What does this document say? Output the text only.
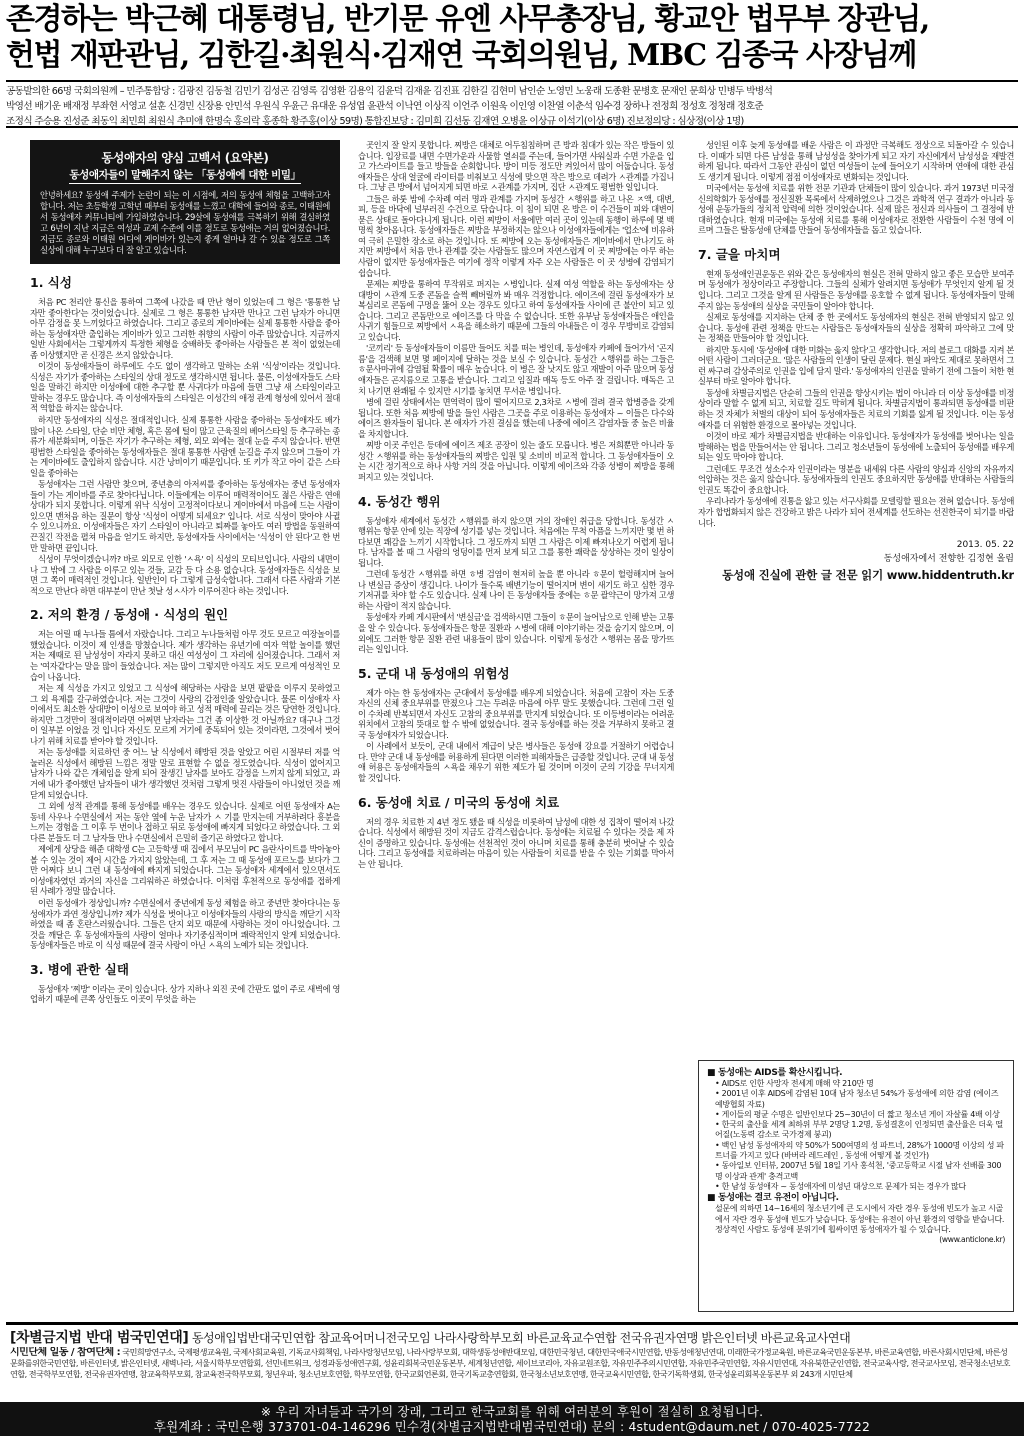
존경하는 박근혜 대통령님, 반기문 유엔 사무총장님, 황교안 법무부 장관님,
헌법 재판관님, 김한길·최원식·김재연 국회의원님, MBC 김종국 사장님께
공동발의한 66명 국회의원께 – 민주통합당 : 김광진 김동철 김민기 김성곤 김영록 김영환 김용익 김윤덕 김재윤 김진표 김한길 김현미 남인순 노영민 노웅래 도종환 문병호 문재인 문희상 민병두 박병석
박영선 배기운 배재정 부좌현 서영교 설훈 신경민 신장용 안민석 우원식 우윤근 유대운 유성엽 윤관석 이낙연 이상직 이언주 이원욱 이인영 이찬열 이춘석 임수경 장하나 전정희 정성호 정청래 정호준
조정식 주승용 진성준 최동익 최민희 최원식 추미애 한명숙 홍의락 홍종학 황주홍(이상 59명) 통합진보당 : 김미희 김선동 김재연 오병윤 이상규 이석기(이상 6명) 진보정의당 : 심상정(이상 1명)
동성애자의 양심 고백서 (요약본)
동성애자들이 말해주지 않는 「동성애에 대한 비밀」
안녕하세요? 동성애 주제가 논란이 되는 이 시점에, 저의 동성애 체험을 고백하고자 합니다. 저는 초등학생 고학년 때부터 동성애를 느꼈고 대학에 들어와 종로, 이태원에서 동성애자 커뮤니티에 가입하였습니다. 29살에 동성애를 극복하기 위해 결심하였고 6년이 지난 지금은 여성과 교제 수준에 이를 정도로 동성애는 거의 없어졌습니다. 지금도 종로와 이태원 어디에 게이바가 있는지 좋게 얼마냐 갈 수 있을 정도로 그쪽 실상에 대해 누구보다 더 잘 알고 있습니다.
1. 식성
처음 PC 천리안 통신을 통하여 그쪽에 나갔을 때 만난 형이 있었는데 그 형은 '통통한 남자만 좋아한다'는 것이었습니다. 실제로 그 형은 통통한 남자만 만나고 그런 남자가 아니면 아무 감정을 못 느끼었다고 하였습니다. 그리고 종로의 게이바에는 실제 통통한 사람을 좋아하는 동성애자만 출입하는 게이바가 있고 그러한 취향의 사람이 아주 많았습니다. 지금까지 일반 사회에서는 그렇게까지 특정한 체형을 숭배하듯 좋아하는 사람들은 본 적이 없었는데 좀 이상했지만 곧 신경은 쓰지 않았습니다.
이것이 동성애자들이 하루에도 수도 없이 생각하고 말하는 소위 '식성'이라는 것입니다. 식성은 자기가 좋아하는 스타일의 상대 정도로 생각하시면 됩니다. 물론, 이성애자들도 스타일을 말하긴 하지만 이성애에 대한 추구할 뿐 사귀다가 마음에 들면 그냥 새 스타일이라고 말하는 경우도 많습니다. 즉 이성애자들의 스타일은 이성간의 애정 관계 형성에 있어서 절대적 역할을 하지는 않습니다.
하지만 동성애자의 식성은 절대적입니다. 실제 통통한 사람을 좋아하는 동성애자도 배가 많이 나온 스타일, 단순 비만 체형, 혹은 몸에 털이 많고 근육질의 베어스타일 등 추구하는 종류가 세분화되며, 이들은 자기가 추구하는 체형, 외모 외에는 절대 눈을 주지 않습니다. 반면 평범한 스타일을 좋아하는 동성애자들은 절대 통통한 사람엔 눈길을 주지 않으며 그들이 가는 게이바에도 출입하지 않습니다. 시간 낭비이기 때문입니다. 또 키가 작고 아이 같은 스타일을 좋아하는
동성애자는 그런 사람만 찾으며, 중년층의 아저씨를 좋아하는 동성애자는 중년 동성애자들이 가는 게이바를 주로 찾아다닙니다. 이들에게는 이루어 매력적이어도 젊은 사람은 연애 상대가 되지 못합니다. 이렇게 위낙 식성이 고정적이다보니 게이바에서 마음에 드는 사람이 있으면 맨처음 하는 질문이 항상 '식성이 어떻게 되세요?' 입니다. 서로 식성이 맞아야 사귈 수 있으니까요. 이성애자들은 자기 스타일이 아니라고 퇴짜를 놓아도 여러 방법을 동원하여 끈질긴 작전을 펼쳐 마음을 얻기도 하지만, 동성애자들 사이에서는 '식성이 안 된다'고 한 번만 말하면 끝입니다.
식성이 무엇이겠습니까? 바로 외모로 인한 'ㅅ욕' 이 식성의 모티브입니다. 사람의 내면이나 그 밖에 그 사람을 이루고 있는 것들, 교감 등 다 소용 없습니다. 동성애자들은 식성을 보면 그 쪽이 매력적인 것입니다. 일반인이 다 그렇게 급성숙합니다. 그래서 다른 사람과 기본적으로 만난다 하면 대부분이 만난 첫날 성ㅅ사가 이루어진다 하는 것입니다.
2. 저의 환경 / 동성애 · 식성의 원인
저는 어릴 때 누나들 틈에서 자랐습니다. 그리고 누나들처럼 아무 것도 모르고 여장놀이를 했었습니다. 이것이 제 인생을 망쳤습니다. 제가 생각하는 유년기에 여자 역할 놀이를 했던 저는 제때로 된 남성성이 자라지 못하고 대신 여성성이 그 자리에 심어졌습니다. 그래서 저는 '여자같다'는 말을 많이 들었습니다. 저는 많이 그렇지만 아직도 저도 모르게 여성적인 모습이 나옵니다.
저는 제 식성을 가지고 있었고 그 식성에 해당하는 사람을 보면 팥팥을 이루지 못하였고 그 외 욕제를 갈구하였습니다. 저는 그것이 사랑의 감정인줄 알았습니다. 물론 이성애자 사이에서도 최소한 상대방이 이성으로 보여야 하고 성적 매력에 끌리는 것은 당연한 것입니다. 하지만 그것만이 절대적이라면 어쩌면 남자라는 그건 좀 이상한 것 아닐까요? 대구나 그것이 일부분 이었을 것 입니다 자신도 모르게 거기에 중독되어 있는 것이라면, 그것에서 벗어나기 위해 치료를 받아야 할 것입니다.
저는 동성애를 치료하던 중 어느 날 식성에서 해방된 것을 알았고 어린 시절부터 저를 억눌러온 식성에서 해방된 느낌은 정말 말로 표현할 수 없을 정도였습니다. 식성이 없어지고 남자가 나와 같은 개체임을 알게 되어 잘생긴 남자를 보아도 감정을 느끼지 않게 되었고, 과거에 내가 좋아했던 남자들이 내가 생각했던 것처럼 그렇게 멋진 사람들이 아니었던 것을 깨닫게 되었습니다.
그 외에 성적 관계를 통해 동성애를 배우는 경우도 있습니다. 실제로 어떤 동성애자 A는 동네 사우나 수면실에서 저는 동안 옆에 누운 남자가 ㅅ 기를 만지는데 거부하려다 흥분을 느끼는 경험을 그 이후 두 번이나 접하고 뒤로 동성애에 빠지게 되었다고 하였습니다. 그 외 다른 분들도 더 그 남자들 만나 수면실에서 은밀히 즐기곤 하였다고 합니다.
제에게 상당을 해준 대학생 C는 고등학생 때 집에서 부모님이 PC 음란사이트를 박아놓아 볼 수 있는 것이 제어 시간을 가지지 않았는데, 그 후 저는 그 때 동성애 포르노를 보다가 그만 어쩌다 보니 그런 내 동성애에 빠지게 되었습니다. 그는 동성애자 세계에서 있으면서도 이성애자였던 과거의 자신을 그리워하곤 하였습니다. 이처럼 후천적으로 동성애를 접하게 된 사례가 정말 많습니다.
이런 동성애가 정상입니까? 수면실에서 중년에게 동성 체험을 하고 중년만 찾아다니는 동성애자가 과연 정상입니까? 제가 식성을 벗어나고 이성애자들의 사랑의 방식을 깨닫기 시작하였을 때 좀 혼란스러웠습니다. 그들은 단지 외모 때문에 사랑하는 것이 아니었습니다. 그것을 깨달은 후 동성애자들의 사랑이 얼마나 자기중심적이며 쾌락적인지 알게 되었습니다. 동성애자들은 바로 이 식성 때문에 결국 사랑이 아닌 ㅅ욕의 노예가 되는 것입니다.
3. 병에 관한 실태
동성애자 '찌방' 이라는 곳이 있습니다. 상가 지하나 외진 곳에 간판도 없이 주로 새벽에 영업하기 때문에 큰쪽 상인들도 이곳이 무엇을 하는
곳인지 잘 알지 못합니다. 찌방은 대체로 어두침침하며 큰 방과 침대가 있는 작은 방들이 있습니다. 입장료를 내면 수면가운과 사물함 열쇠를 주는데, 들어가면 샤워실과 수면 가운을 입고 가스라이트를 들고 방들을 순회합니다. 방이 미등 정도만 켜있어서 많이 어둡습니다. 동성애자들은 상대 얼굴에 라이터를 비춰보고 식성에 맞으면 작은 방으로 데려가 ㅅ관계를 가집니다. 그냥 큰 방에서 넘어지게 되면 바로 ㅅ관계를 가지며, 집단 ㅅ관계도 평범한 일입니다.
그들은 하룻 밤에 수차례 여러 명과 관계를 가지며 동성간 ㅅ행위를 하고 나온 ㅈ액, 대변, 피, 등을 바닥에 널부러진 수건으로 닦습니다. 이 침이 되면 온 방은 이 수건들이 피와 대변이 묻은 상태로 돌아다니게 됩니다. 이런 찌방이 서울에만 여러 곳이 있는데 동행이 하루에 몇 백 명씩 찾아옵니다. 동성애자들은 찌방을 부정하지는 않으나 이성애자들에게는 '업소'에 비유하여 극히 은밀한 장소로 하는 것입니다. 또 찌방에 오는 동성애자들은 게이바에서 만나기도 하지만 찌방에서 처음 만나 관계를 갖는 사람들도 많으며 자연스럽게 이 곳 찌방에는 아무 하는 사람이 없지만 동성애자들은 여기에 정작 이렇게 자주 오는 사람들은 이 곳 성병에 감염되기 쉽습니다.
문제는 찌방을 통하여 무작위로 퍼지는 ㅅ병입니다. 실제 여성 역할을 하는 동성애자는 상대방이 ㅅ관계 도중 콘돔을 슬쩍 빼버릴까 봐 매우 걱정합니다. 에이즈에 걸린 동성애자가 보복심리로 콘돔에 구멍을 뚫어 오는 경우도 있다고 하여 동성애자들 사이에 큰 불안이 되고 있습니다. 그리고 콘돔만으로 에이즈를 다 막을 수 없습니다. 또한 유부남 동성애자들은 애인을 사귀기 힘들므로 찌방에서 ㅅ욕을 해소하기 때문에 그들의 아내들은 이 경우 무방비로 감염되고 있습니다.
'코끼리' 등 동성애자들이 이름만 들어도 치를 떠는 병인데, 동성애자 카페에 들어가서 '곤지름'을 검색해 보면 몇 페이지에 달하는 것을 보실 수 있습니다. 동성간 ㅅ행위를 하는 그들은 ㅎ문사마귀에 감염될 확률이 매우 높습니다. 이 병은 잘 낫지도 않고 재발이 아주 많으며 동성애자들은 곤지름으로 고통을 받습니다. 그리고 임질과 매독 등도 아주 잘 걸립니다. 매독은 고치 나기면 완쾌될 수 있지만 시기를 놓치면 무서운 병입니다.
병에 걸린 상태에서는 면역력이 많이 떨어지므로 2,3차로 ㅅ병에 걸려 결국 합병증을 갖게 됩니다. 또한 처음 찌방에 발을 들인 사람은 그곳을 주로 이용하는 동성애자 ~ 이들은 다수와 에이즈 환자들이 됩니다. 본 애자가 가진 결심을 했는데 나중에 에이즈 감염자들 중 높은 비율을 차지합니다.
찌방 이곳 주인은 등데에 에이즈 제조 공장이 있는 줄도 모릅니다. 병은 저희뿐만 아니라 동성간 ㅅ행위를 하는 동성애자들의 찌방은 입원 및 소비비 비교적 합니다. 그 동성애자들이 오는 시간 정기적으로 하나 사항 거의 것을 아닙니다. 이렇게 에이즈와 각종 성병이 찌방을 통해 퍼지고 있는 것입니다.
4. 동성간 행위
동성애자 세계에서 동성간 ㅅ행위를 하지 않으면 거의 장애인 취급을 당합니다. 동성간 ㅅ행위는 항문 안에 있는 직장에 성기를 넣는 것입니다. 처음에는 무척 아픔을 느끼지만 몇 번 하다보면 쾌감을 느끼기 시작합니다. 그 정도까지 되면 그 사람은 이제 빠져나오기 어렵게 됩니다. 남자를 볼 때 그 사람의 엉덩이를 먼저 보게 되고 그를 통한 쾌락을 상상하는 것이 일상이 됩니다.
그런데 동성간 ㅅ행위를 하면 ㅎ병 검염이 현저히 높을 뿐 아니라 ㅎ문이 헐렁해지며 늘어나 변실금 증상이 생깁니다. 나이가 들수록 배변기능이 떨어지며 변이 새기도 하고 심한 경우 기저귀를 차야 할 수도 있습니다. 실제 나이 든 동성애자들 중에는 ㅎ문 괄약근이 망가져 고생하는 사람이 적지 않습니다.
동성애자 카페 게시판에서 '변실금'을 검색하시면 그들이 ㅎ문이 늘어남으로 인해 받는 고통을 알 수 있습니다. 동성애자들은 항문 질환과 ㅅ병에 대해 이야기하는 것을 숨기지 않으며, 이 외에도 그러한 항문 질환 관련 내용들이 많이 있습니다. 이렇게 동성간 ㅅ행위는 몸을 망가뜨리는 일입니다.
5. 군대 내 동성애의 위험성
제가 아는 한 동성애자는 군대에서 동성애를 배우게 되었습니다. 처음에 고참이 자는 도중 자신의 신체 중요부위를 만졌으나 그는 두려운 마음에 아무 말도 못했습니다. 그런데 그런 일이 수차례 반복되면서 자신도 고참의 중요부위를 만지게 되었습니다. 또 이등병이라는 어려운 위치에서 고참의 뜻대로 할 수 밖에 없었습니다. 결국 동성애를 하는 것을 거부하지 못하고 결국 동성애자가 되었습니다.
이 사례에서 보듯이, 군대 내에서 계급이 낮은 병사들은 동성애 강요를 거절하기 어렵습니다. 만약 군대 내 동성애를 허용하게 된다면 이러한 피해자들은 급증할 것입니다. 군대 내 동성애 허용은 동성애자들의 ㅅ욕을 채우기 위한 제도가 될 것이며 이것이 군의 기강을 무너지게 할 것입니다.
6. 동성애 치료 / 미국의 동성애 치료
저의 경우 치료한 지 4년 정도 됐을 때 식성을 비롯하여 남성에 대한 성 집착이 떨어져 나갔습니다. 식성에서 해방된 것이 지금도 감격스럽습니다. 동성애는 치료될 수 있다는 것을 제 자신이 증명하고 있습니다. 동성애는 선천적인 것이 아니며 치료를 통해 충분히 벗어날 수 있습니다. 그리고 동성애를 치료하려는 마음이 있는 사람들이 치료를 받을 수 있는 기회를 막아서는 안 됩니다.
성인된 이후 늦게 동성애를 배운 사람은 이 과정만 극복해도 정상으로 되돌아갈 수 있습니다. 이때가 되면 다른 남성을 통해 남성성을 찾아가게 되고 자기 자신에게서 남성성을 재발견하게 됩니다. 따라서 그동안 관심이 없던 여성들이 눈에 들어오기 시작하며 연애에 대한 관심도 생기게 됩니다. 이렇게 점점 이성애자로 변화되는 것입니다.
미국에서는 동성애 치료를 위한 전문 기관과 단체들이 많이 있습니다. 과거 1973년 미국정신의학회가 동성애를 정신질환 목록에서 삭제하였으나 그것은 과학적 연구 결과가 아니라 동성애 운동가들의 정치적 압력에 의한 것이었습니다. 실제 많은 정신과 의사들이 그 결정에 반대하였습니다. 현재 미국에는 동성애 치료를 통해 이성애자로 전환한 사람들이 수천 명에 이르며 그들은 탈동성애 단체를 만들어 동성애자들을 돕고 있습니다.
7. 글을 마치며
현재 동성애인권운동은 위와 같은 동성애자의 현실은 전혀 말하지 않고 좋은 모습만 보여주며 동성애가 정상이라고 주장합니다. 그들의 실체가 알려지면 동성애가 무엇인지 알게 될 것입니다. 그리고 그것을 알게 된 사람들은 동성애를 옹호할 수 없게 됩니다. 동성애자들이 말해주지 않는 동성애의 실상을 국민들이 알아야 합니다.
실제로 동성애를 지지하는 단체 중 한 곳에서도 동성애자의 현실은 전혀 반영되지 않고 있습니다. 동성애 관련 정책을 만드는 사람들은 동성애자들의 실상을 정확히 파악하고 그에 맞는 정책을 만들어야 할 것입니다.
하지만 동시에 '동성애에 대한 미화는 옳지 않다'고 생각합니다. 저의 블로그 대화를 지켜 본 어떤 사람이 그러더군요. '많은 사람들의 인생이 달린 문제다. 현실 파악도 제대로 못하면서 그런 싸구려 감상주의로 인권을 입에 담지 말라.' 동성애자의 인권을 말하기 전에 그들이 처한 현실부터 바로 알아야 합니다.
동성애 차별금지법은 단순히 그들의 인권을 향상시키는 법이 아니라 더 이상 동성애를 비정상이라 말할 수 없게 되고, 치료할 길도 막히게 됩니다. 차별금지법이 통과되면 동성애를 비판하는 것 자체가 처벌의 대상이 되어 동성애자들은 치료의 기회를 잃게 될 것입니다. 이는 동성애자를 더 위험한 환경으로 몰아넣는 것입니다.
이것이 바로 제가 차별금지법을 반대하는 이유입니다. 동성애자가 동성애를 벗어나는 일을 방해하는 법을 만들어서는 안 됩니다. 그리고 청소년들이 동성애에 노출되어 동성애를 배우게 되는 일도 막아야 합니다.
그런데도 무조건 성소수자 인권이라는 명분을 내세워 다른 사람의 양심과 신앙의 자유까지 억압하는 것은 옳지 않습니다. 동성애자들의 인권도 중요하지만 동성애를 반대하는 사람들의 인권도 똑같이 중요합니다.
우리나라가 동성애에 진통을 앓고 있는 서구사회를 모델링할 필요는 전혀 없습니다. 동성애자가 합법화되지 않은 건강하고 밝은 나라가 되어 전세계를 선도하는 선진한국이 되기를 바랍니다.
2013. 05. 22
동성애자에서 전향한 김정현 올림
동성애 진실에 관한 글 전문 읽기 www.hiddentruth.kr
■ 동성애는 AIDS를 확산시킵니다.
• AIDS로 인한 사망자 전세계 매해 약 210만 명
• 2001년 이후 AIDS에 감염된 10대 남자 청소년 54%가 동성애에 의한 감염 (에이즈 예방협회 자료)
• 게이들의 평균 수명은 일반인보다 25~30년이 더 짧고 청소년 게이 자살률 4배 이상
• 한국의 출산율 세계 최하위 부부 2명당 1.2명, 동성결혼이 인정되면 출산율은 더욱 떨어질(노동력 감소로 국가경제 붕괴)
• 백인 남성 동성애자의 약 50%가 500여명의 성 파트너, 28%가 1000명 이상의 성 파트너를 가지고 있다 (바버라 레드레인 , 동성애 어떻게 볼 것인가)
• 동아일보 인터뷰, 2007년 5월 18일 기사 홍석천, '중고등학교 시절 남자 선배를 300명 이상과 관계' 충격고백
• 한 남성 동성애자 ~ 동성애자에 미성년 대상으로 문제가 되는 경우가 많다
■ 동성애는 결코 유전이 아닙니다.
설문에 의하면 14~16세의 청소년기에 큰 도시에서 자란 경우 동성애 빈도가 높고 시골에서 자란 경우 동성애 빈도가 낮습니다. 동성애는 유전이 아닌 환경의 영향을 받습니다. 정상적인 사람도 동성애 분위기에 휩싸이면 동성애자가 될 수 있습니다.
(www.anticlone.kr)
[차별금지법 반대 범국민연대] 동성애입법반대국민연합 참교육어머니전국모임 나라사랑학부모회 바른교육교수연합 전국유권자연맹 밝은인터넷 바른교육교사연대
시민단체 일동 / 참여단체 : 국민희망연구소, 국제평생교육원, 국제사회교육원, 기독교사회책임, 나라사랑청년모임, 나라사랑부모회, 대학생동성애반대모임, 대한민국청년, 대한민국애국시민연합, 반동성애청년연대, 미래한국가정교육원, 바른교육국민운동본부, 바른교육연합, 바른사회시민단체, 바른성문화를위한국민연합, 바른인터넷, 밝은인터넷, 새벽나라, 서울시학부모연합회, 선민네트워크, 성경과동성애연구회, 성윤리회복국민운동본부, 세계청년연합, 세이브코리아, 자유교원조합, 자유민주주의시민연합, 자유민주국민연합, 자유시민연대, 자유북한군인연합, 전국교육사랑, 전국교사모임, 전국청소년보호연합, 전국학부모연합, 전국유권자연맹, 참교육학부모회, 참교육전국학부모회, 청년우파, 청소년보호연합, 학부모연합, 한국교회언론회, 한국기독교총연합회, 한국청소년보호연맹, 한국교육시민연합, 한국기독학생회, 한국성윤리회복운동본부 외 243개 시민단체
※ 우리 자녀들과 국가의 장래, 그리고 한국교회를 위해 여러분의 후원이 절실히 요청됩니다.
후원계좌 : 국민은행 373701-04-146296 민수경(차별금지법반대범국민연대) 문의 : 4student@daum.net / 070-4025-7722
